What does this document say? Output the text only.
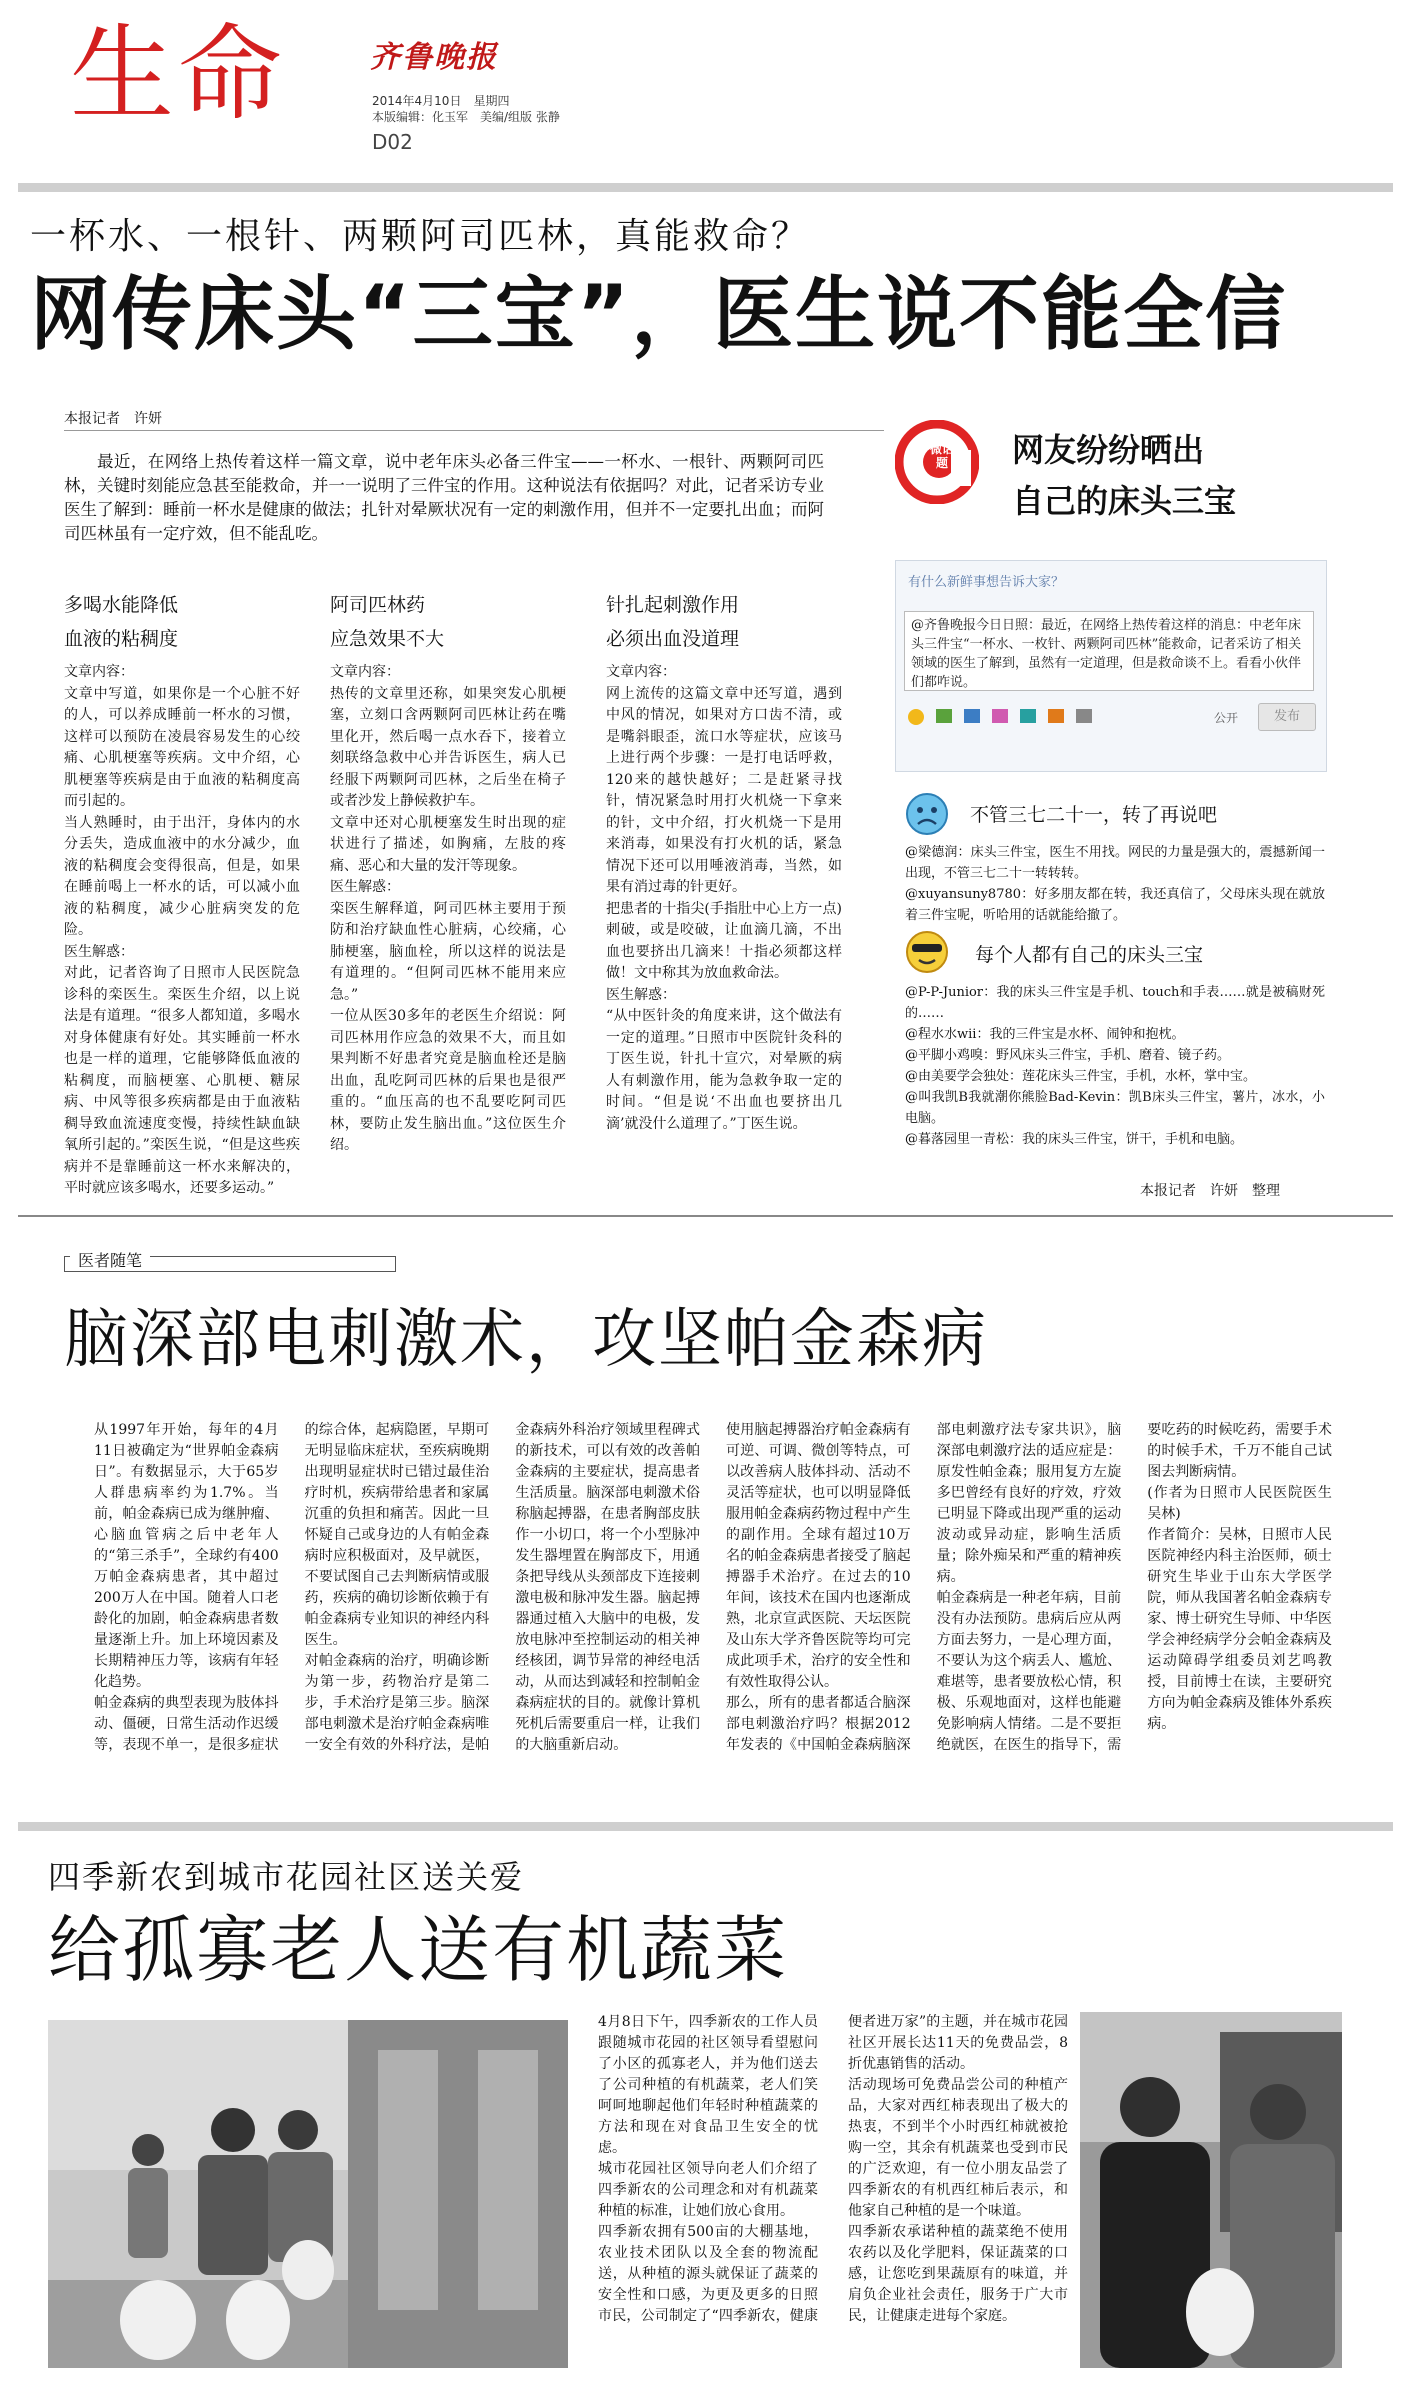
生命	齐鲁晚报
2014年4月10日　星期四
本版编辑：化玉军　美编/组版 张静
D02
一杯水、一根针、两颗阿司匹林，真能救命？
网传床头“三宝”，医生说不能全信
本报记者　许妍

最近，在网络上热传着这样一篇文章，说中老年床头必备三件宝——一杯水、一根针、两颗阿司匹林，关键时刻能应急甚至能救命，并一一说明了三件宝的作用。这种说法有依据吗？对此，记者采访专业医生了解到：睡前一杯水是健康的做法；扎针对晕厥状况有一定的刺激作用，但并不一定要扎出血；而阿司匹林虽有一定疗效，但不能乱吃。

多喝水能降低
血液的粘稠度
文章内容：
文章中写道，如果你是一个心脏不好的人，可以养成睡前一杯水的习惯，这样可以预防在凌晨容易发生的心绞痛、心肌梗塞等疾病。文中介绍，心肌梗塞等疾病是由于血液的粘稠度高而引起的。
当人熟睡时，由于出汗，身体内的水分丢失，造成血液中的水分减少，血液的粘稠度会变得很高，但是，如果在睡前喝上一杯水的话，可以减小血液的粘稠度，减少心脏病突发的危险。
医生解惑：
对此，记者咨询了日照市人民医院急诊科的栾医生。栾医生介绍，以上说法是有道理。“很多人都知道，多喝水对身体健康有好处。其实睡前一杯水也是一样的道理，它能够降低血液的粘稠度，而脑梗塞、心肌梗、糖尿病、中风等很多疾病都是由于血液粘稠导致血流速度变慢，持续性缺血缺氧所引起的。”栾医生说，“但是这些疾病并不是靠睡前这一杯水来解决的，平时就应该多喝水，还要多运动。”
阿司匹林药
应急效果不大
文章内容：
热传的文章里还称，如果突发心肌梗塞，立刻口含两颗阿司匹林让药在嘴里化开，然后喝一点水吞下，接着立刻联络急救中心并告诉医生，病人已经服下两颗阿司匹林，之后坐在椅子或者沙发上静候救护车。
文章中还对心肌梗塞发生时出现的症状进行了描述，如胸痛，左肢的疼痛、恶心和大量的发汗等现象。
医生解惑：
栾医生解释道，阿司匹林主要用于预防和治疗缺血性心脏病，心绞痛，心肺梗塞，脑血栓，所以这样的说法是有道理的。“但阿司匹林不能用来应急。”
一位从医30多年的老医生介绍说：阿司匹林用作应急的效果不大，而且如果判断不好患者究竟是脑血栓还是脑出血，乱吃阿司匹林的后果也是很严重的。“血压高的也不乱要吃阿司匹林，要防止发生脑出血。”这位医生介绍。
针扎起刺激作用
必须出血没道理
文章内容：
网上流传的这篇文章中还写道，遇到中风的情况，如果对方口齿不清，或是嘴斜眼歪，流口水等症状，应该马上进行两个步骤：一是打电话呼救，120来的越快越好；二是赶紧寻找针，情况紧急时用打火机烧一下拿来的针，文中介绍，打火机烧一下是用来消毒，如果没有打火机的话，紧急情况下还可以用唾液消毒，当然，如果有消过毒的针更好。
把患者的十指尖(手指肚中心上方一点)刺破，或是咬破，让血滴几滴，不出血也要挤出几滴来！十指必须都这样做！文中称其为放血救命法。
医生解惑：
“从中医针灸的角度来讲，这个做法有一定的道理。”日照市中医院针灸科的丁医生说，针扎十宣穴，对晕厥的病人有刺激作用，能为急救争取一定的时间。“但是说‘不出血也要挤出几滴’就没什么道理了。”丁医生说。
微话题 网友纷纷晒出
自己的床头三宝
有什么新鲜事想告诉大家？
@齐鲁晚报今日日照：最近，在网络上热传着这样的消息：中老年床头三件宝“一杯水、一枚针、两颗阿司匹林”能救命，记者采访了相关领域的医生了解到，虽然有一定道理，但是救命谈不上。看看小伙伴们都咋说。
公开	发布
不管三七二十一，转了再说吧
@梁德润：床头三件宝，医生不用找。网民的力量是强大的，震撼新闻一出现，不管三七二十一转转转。
@xuyansuny8780：好多朋友都在转，我还真信了，父母床头现在就放着三件宝呢，听哈用的话就能给撤了。
每个人都有自己的床头三宝
@P-P-Junior：我的床头三件宝是手机、touch和手表……就是被稿财死的……
@程水水wii：我的三件宝是水杯、闹钟和抱枕。
@平脚小鸡嗅：野风床头三件宝，手机、磨着、镜子药。
@由美要学会独处：莲花床头三件宝，手机，水杯，掌中宝。
@叫我凯B我就潮你熊脸Bad-Kevin：凯B床头三件宝，薯片，冰水，小电脑。
@暮落园里一青松：我的床头三件宝，饼干，手机和电脑。
本报记者　许妍　整理
医者随笔
脑深部电刺激术，攻坚帕金森病
从1997年开始，每年的4月11日被确定为“世界帕金森病日”。有数据显示，大于65岁人群患病率约为1.7%。当前，帕金森病已成为继肿瘤、心脑血管病之后中老年人的“第三杀手”，全球约有400万帕金森病患者，其中超过200万人在中国。随着人口老龄化的加剧，帕金森病患者数量逐渐上升。加上环境因素及长期精神压力等，该病有年轻化趋势。
帕金森病的典型表现为肢体抖动、僵硬，日常生活动作迟缓等，表现不单一，是很多症状的综合体，起病隐匿，早期可无明显临床症状，至疾病晚期出现明显症状时已错过最佳治疗时机，疾病带给患者和家属沉重的负担和痛苦。因此一旦怀疑自己或身边的人有帕金森病时应积极面对，及早就医，不要试图自己去判断病情或服药，疾病的确切诊断依赖于有帕金森病专业知识的神经内科医生。
对帕金森病的治疗，明确诊断为第一步，药物治疗是第二步，手术治疗是第三步。脑深部电刺激术是治疗帕金森病唯一安全有效的外科疗法，是帕金森病外科治疗领域里程碑式的新技术，可以有效的改善帕金森病的主要症状，提高患者生活质量。脑深部电刺激术俗称脑起搏器，在患者胸部皮肤作一小切口，将一个小型脉冲发生器埋置在胸部皮下，用通条把导线从头颈部皮下连接刺激电极和脉冲发生器。脑起搏器通过植入大脑中的电极，发放电脉冲至控制运动的相关神经核团，调节异常的神经电活动，从而达到减轻和控制帕金森病症状的目的。就像计算机死机后需要重启一样，让我们的大脑重新启动。
使用脑起搏器治疗帕金森病有可逆、可调、微创等特点，可以改善病人肢体抖动、活动不灵活等症状，也可以明显降低服用帕金森病药物过程中产生的副作用。全球有超过10万名的帕金森病患者接受了脑起搏器手术治疗。在过去的10年间，该技术在国内也逐渐成熟，北京宣武医院、天坛医院及山东大学齐鲁医院等均可完成此项手术，治疗的安全性和有效性取得公认。
那么，所有的患者都适合脑深部电刺激治疗吗？根据2012年发表的《中国帕金森病脑深部电刺激疗法专家共识》，脑深部电刺激疗法的适应症是：原发性帕金森；服用复方左旋多巴曾经有良好的疗效，疗效已明显下降或出现严重的运动波动或异动症，影响生活质量；除外痴呆和严重的精神疾病。
帕金森病是一种老年病，目前没有办法预防。患病后应从两方面去努力，一是心理方面，不要认为这个病丢人、尴尬、难堪等，患者要放松心情，积极、乐观地面对，这样也能避免影响病人情绪。二是不要拒绝就医，在医生的指导下，需要吃药的时候吃药，需要手术的时候手术，千万不能自己试图去判断病情。
(作者为日照市人民医院医生吴林)
作者简介：吴林，日照市人民医院神经内科主治医师，硕士研究生毕业于山东大学医学院，师从我国著名帕金森病专家、博士研究生导师、中华医学会神经病学分会帕金森病及运动障碍学组委员刘艺鸣教授，目前博士在读，主要研究方向为帕金森病及锥体外系疾病。
四季新农到城市花园社区送关爱
给孤寡老人送有机蔬菜
4月8日下午，四季新农的工作人员跟随城市花园的社区领导看望慰问了小区的孤寡老人，并为他们送去了公司种植的有机蔬菜，老人们笑呵呵地聊起他们年轻时种植蔬菜的方法和现在对食品卫生安全的忧虑。
城市花园社区领导向老人们介绍了四季新农的公司理念和对有机蔬菜种植的标准，让她们放心食用。
四季新农拥有500亩的大棚基地，农业技术团队以及全套的物流配送，从种植的源头就保证了蔬菜的安全性和口感，为更及更多的日照市民，公司制定了“四季新农，健康便者进万家”的主题，并在城市花园社区开展长达11天的免费品尝，8折优惠销售的活动。
活动现场可免费品尝公司的种植产品，大家对西红柿表现出了极大的热衷，不到半个小时西红柿就被抢购一空，其余有机蔬菜也受到市民的广泛欢迎，有一位小朋友品尝了四季新农的有机西红柿后表示，和他家自己种植的是一个味道。
四季新农承诺种植的蔬菜绝不使用农药以及化学肥料，保证蔬菜的口感，让您吃到果蔬原有的味道，并肩负企业社会责任，服务于广大市民，让健康走进每个家庭。
